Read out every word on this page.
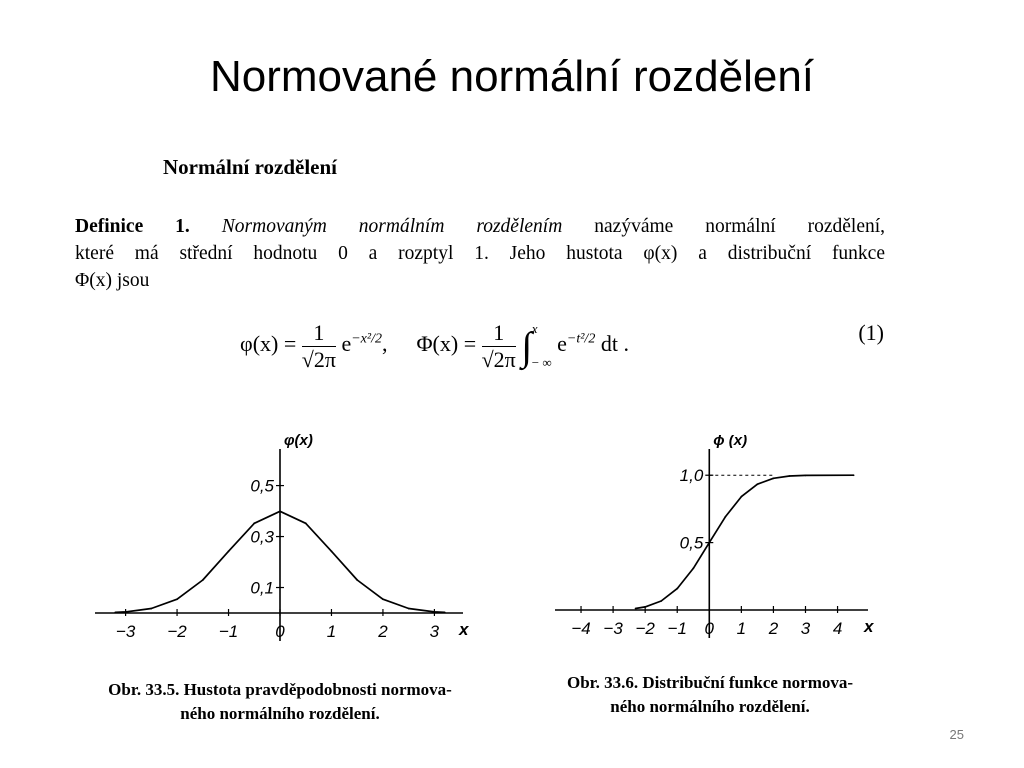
Normované normální rozdělení
Normální rozdělení
Definice 1. Normovaným normálním rozdělením nazýváme normální rozdělení,
které má střední hodnotu 0 a rozptyl 1. Jeho hustota φ(x) a distribuční funkce
Φ(x) jsou
$\varphi(x) = \frac{1}{√2\pi} e^{-x^2/2}$,  $\Phi(x) = \frac{1}{√2\pi}$ ∫ x
− ∞
$e^{-t^2/2}$ dt .	(1)
−3 −2 −1 0 1 2 3 x
0,5
0,3
0,1
φ(x)
−4 −3 −2 −1 0 1 2 3 4 x
1,0
0,5
ϕ (x)
Obr. 33.5. Hustota pravděpodobnosti normova-
ného normálního rozdělení.
Obr. 33.6. Distribuční funkce normova-
ného normálního rozdělení.
25
